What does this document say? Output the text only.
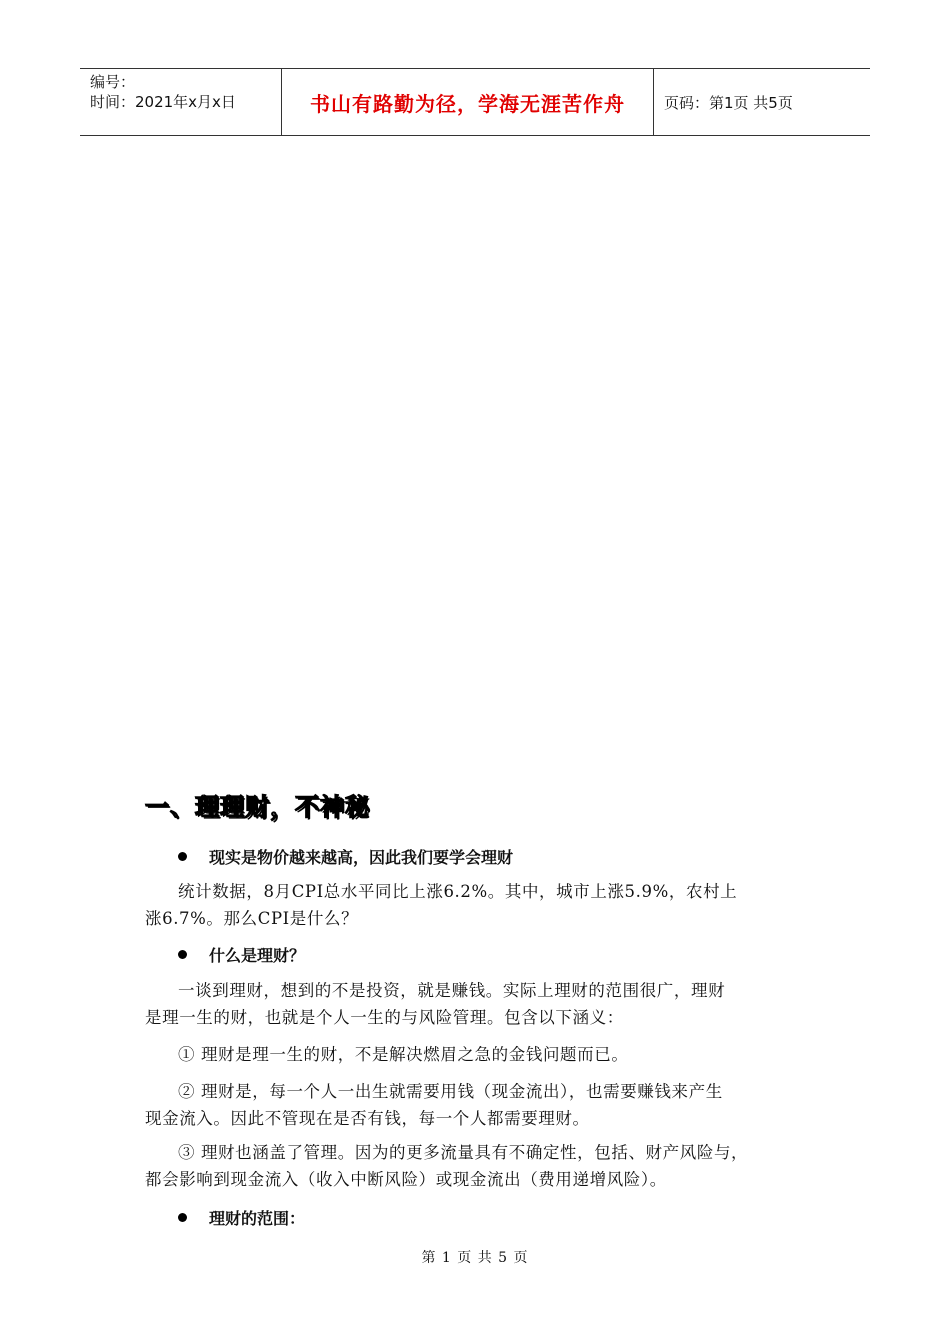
编号：
时间：2021年x月x日	书山有路勤为径，学海无涯苦作舟	页码：第1页 共5页
一、理理财，不神秘
现实是物价越来越高，因此我们要学会理财
统计数据，8月CPI总水平同比上涨6.2%。其中，城市上涨5.9%，农村上
涨6.7%。那么CPI是什么？
什么是理财？
一谈到理财，想到的不是投资，就是赚钱。实际上理财的范围很广，理财
是理一生的财，也就是个人一生的与风险管理。包含以下涵义：
① 理财是理一生的财，不是解决燃眉之急的金钱问题而已。
② 理财是，每一个人一出生就需要用钱（现金流出），也需要赚钱来产生
现金流入。因此不管现在是否有钱，每一个人都需要理财。
③ 理财也涵盖了管理。因为的更多流量具有不确定性，包括、财产风险与，
都会影响到现金流入（收入中断风险）或现金流出（费用递增风险）。
理财的范围：
第 1 页 共 5 页
